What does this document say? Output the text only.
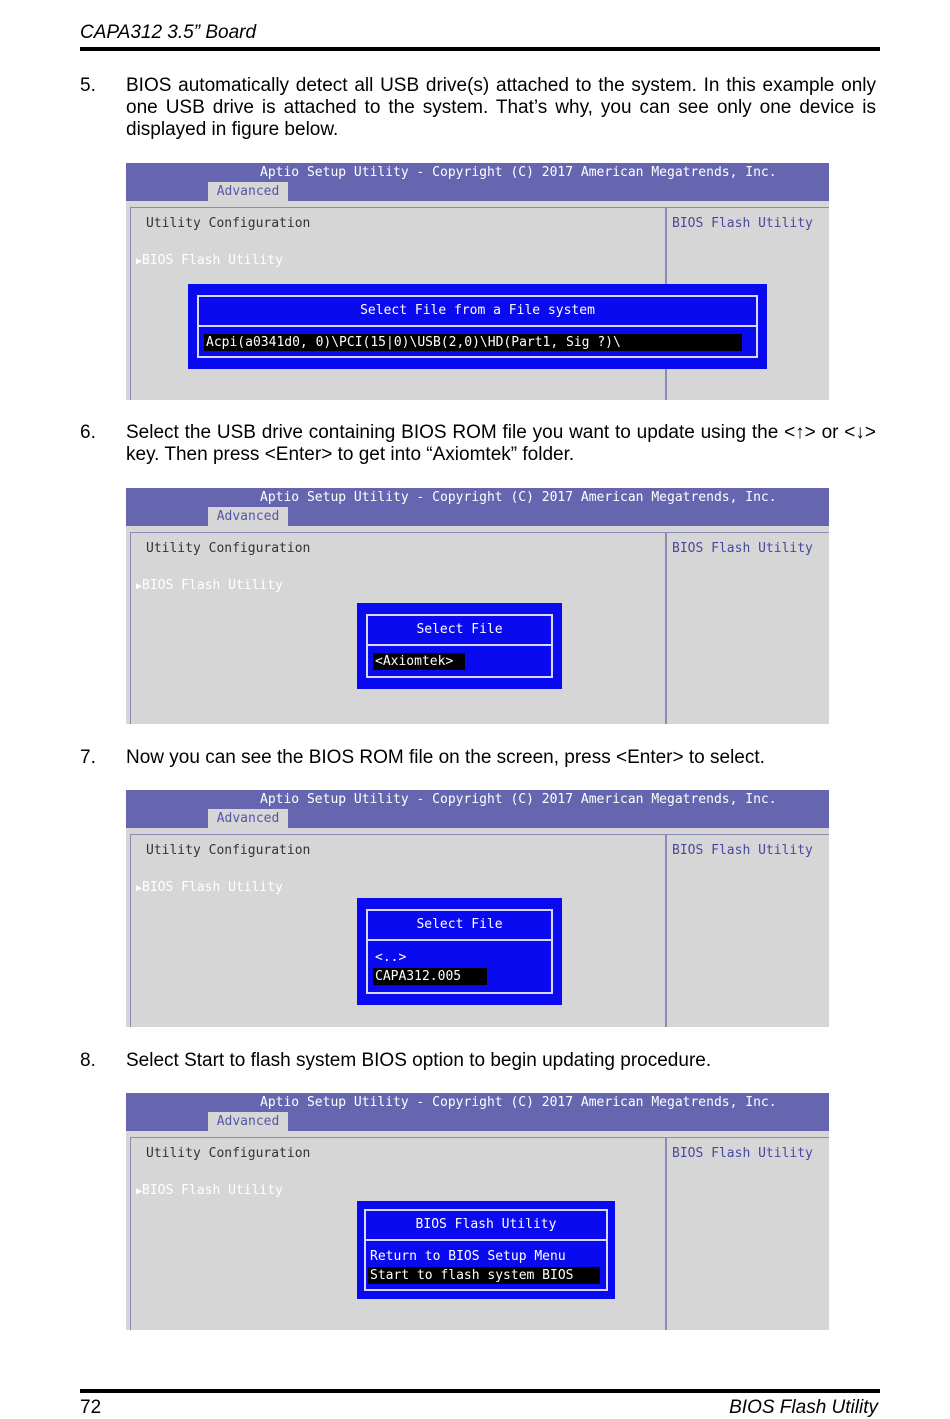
CAPA312 3.5” Board
5. BIOS automatically detect all USB drive(s) attached to the system. In this example only one USB drive is attached to the system. That’s why, you can see only one device is displayed in figure below.
Aptio Setup Utility - Copyright (C) 2017 American Megatrends, Inc.
Advanced
Utility Configuration	BIOS Flash Utility
▶BIOS Flash Utility
Select File from a File system
Acpi(a0341d0, 0)\PCI(15|0)\USB(2,0)\HD(Part1, Sig ?)\
6. Select the USB drive containing BIOS ROM file you want to update using the <↑> or <↓> key. Then press <Enter> to get into “Axiomtek” folder.
Aptio Setup Utility - Copyright (C) 2017 American Megatrends, Inc.
Advanced
Utility Configuration	BIOS Flash Utility
▶BIOS Flash Utility
Select File
<Axiomtek>
7. Now you can see the BIOS ROM file on the screen, press <Enter> to select.
Aptio Setup Utility - Copyright (C) 2017 American Megatrends, Inc.
Advanced
Utility Configuration	BIOS Flash Utility
▶BIOS Flash Utility
Select File
<..>
CAPA312.005
8. Select Start to flash system BIOS option to begin updating procedure.
Aptio Setup Utility - Copyright (C) 2017 American Megatrends, Inc.
Advanced
Utility Configuration	BIOS Flash Utility
▶BIOS Flash Utility
BIOS Flash Utility
Return to BIOS Setup Menu
Start to flash system BIOS
72	BIOS Flash Utility
